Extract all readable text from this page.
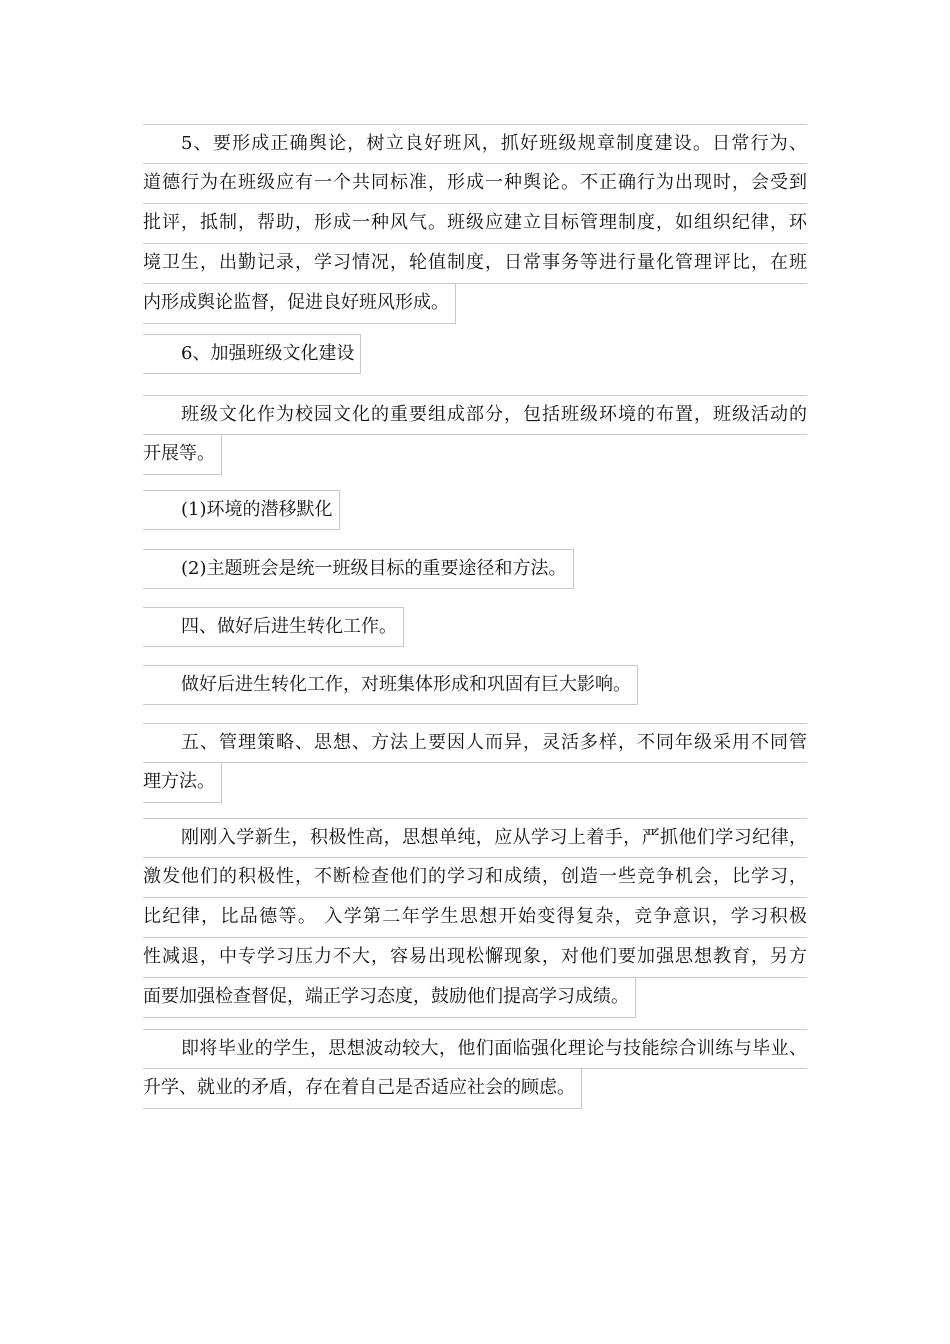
5、要形成正确舆论，树立良好班风，抓好班级规章制度建设。日常行为、
道德行为在班级应有一个共同标准，形成一种舆论。不正确行为出现时，会受到
批评，抵制，帮助，形成一种风气。班级应建立目标管理制度，如组织纪律，环
境卫生，出勤记录，学习情况，轮值制度，日常事务等进行量化管理评比，在班
内形成舆论监督，促进良好班风形成。
6、加强班级文化建设
班级文化作为校园文化的重要组成部分，包括班级环境的布置，班级活动的
开展等。
(1)环境的潜移默化
(2)主题班会是统一班级目标的重要途径和方法。
四、做好后进生转化工作。
做好后进生转化工作，对班集体形成和巩固有巨大影响。
五、管理策略、思想、方法上要因人而异，灵活多样，不同年级采用不同管
理方法。
刚刚入学新生，积极性高，思想单纯，应从学习上着手，严抓他们学习纪律，
激发他们的积极性，不断检查他们的学习和成绩，创造一些竞争机会，比学习，
比纪律，比品德等。 入学第二年学生思想开始变得复杂，竞争意识，学习积极
性减退，中专学习压力不大，容易出现松懈现象，对他们要加强思想教育，另方
面要加强检查督促，端正学习态度，鼓励他们提高学习成绩。
即将毕业的学生，思想波动较大，他们面临强化理论与技能综合训练与毕业、
升学、就业的矛盾，存在着自己是否适应社会的顾虑。
